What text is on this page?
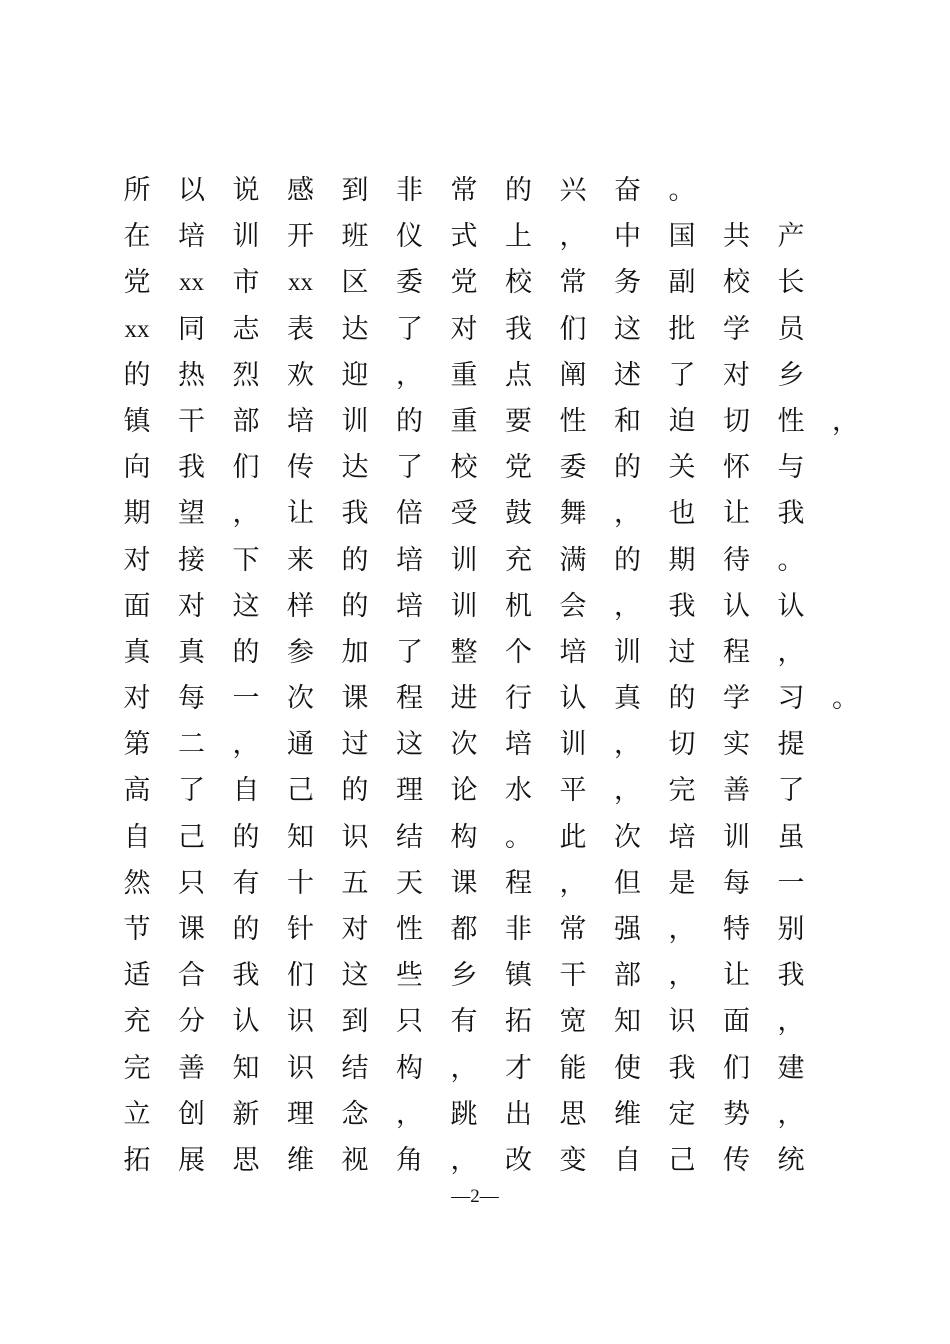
所	以	说	感	到	非	常	的	兴	奋	。
在	培	训	开	班	仪	式	上	，	中	国	共	产
党	xx	市	xx	区	委	党	校	常	务	副	校	长
xx	同	志	表	达	了	对	我	们	这	批	学	员
的	热	烈	欢	迎	，	重	点	阐	述	了	对	乡
镇	干	部	培	训	的	重	要	性	和	迫	切	性	，
向	我	们	传	达	了	校	党	委	的	关	怀	与
期	望	，	让	我	倍	受	鼓	舞	，	也	让	我
对	接	下	来	的	培	训	充	满	的	期	待	。
面	对	这	样	的	培	训	机	会	，	我	认	认
真	真	的	参	加	了	整	个	培	训	过	程	，
对	每	一	次	课	程	进	行	认	真	的	学	习	。
第	二	，	通	过	这	次	培	训	，	切	实	提
高	了	自	己	的	理	论	水	平	，	完	善	了
自	己	的	知	识	结	构	。	此	次	培	训	虽
然	只	有	十	五	天	课	程	，	但	是	每	一
节	课	的	针	对	性	都	非	常	强	，	特	别
适	合	我	们	这	些	乡	镇	干	部	，	让	我
充	分	认	识	到	只	有	拓	宽	知	识	面	，
完	善	知	识	结	构	，	才	能	使	我	们	建
立	创	新	理	念	，	跳	出	思	维	定	势	，
拓	展	思	维	视	角	，	改	变	自	己	传	统
—2—
